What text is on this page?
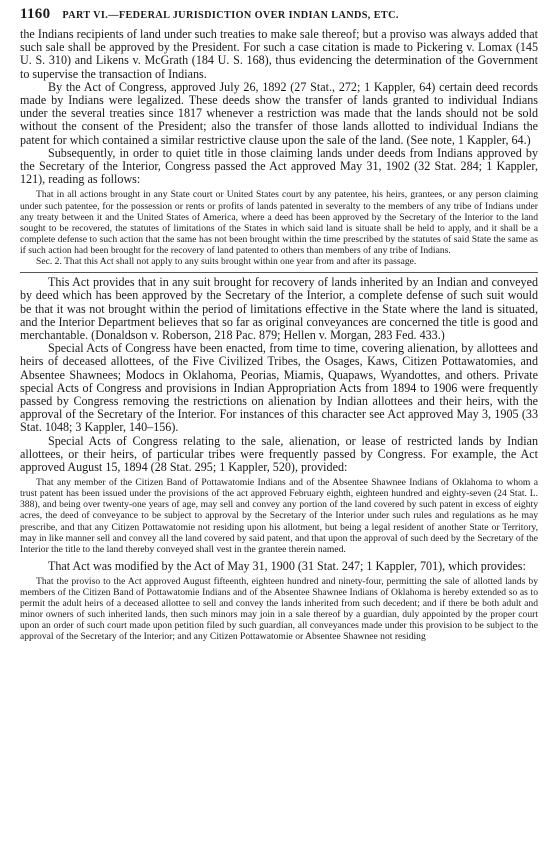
1160 PART VI.—FEDERAL JURISDICTION OVER INDIAN LANDS, ETC.

the Indians recipients of land under such treaties to make sale thereof; but a proviso was always added that such sale shall be approved by the President. For such a case citation is made to Pickering v. Lomax (145 U. S. 310) and Likens v. McGrath (184 U. S. 168), thus evidencing the determination of the Government to supervise the transaction of Indians.

By the Act of Congress, approved July 26, 1892 (27 Stat., 272; 1 Kappler, 64) certain deed records made by Indians were legalized. These deeds show the transfer of lands granted to individual Indians under the several treaties since 1817 whenever a restriction was made that the lands should not be sold without the consent of the President; also the transfer of those lands allotted to individual Indians the patent for which contained a similar restrictive clause upon the sale of the land. (See note, 1 Kappler, 64.)

Subsequently, in order to quiet title in those claiming lands under deeds from Indians approved by the Secretary of the Interior, Congress passed the Act approved May 31, 1902 (32 Stat. 284; 1 Kappler, 121), reading as follows:

That in all actions brought in any State court or United States court by any patentee, his heirs, grantees, or any person claiming under such patentee, for the possession or rents or profits of lands patented in severalty to the members of any tribe of Indians under any treaty between it and the United States of America, where a deed has been approved by the Secretary of the Interior to the land sought to be recovered, the statutes of limitations of the States in which said land is situate shall be held to apply, and it shall be a complete defense to such action that the same has not been brought within the time prescribed by the statutes of said State the same as if such action had been brought for the recovery of land patented to others than members of any tribe of Indians.

Sec. 2. That this Act shall not apply to any suits brought within one year from and after its passage.

This Act provides that in any suit brought for recovery of lands inherited by an Indian and conveyed by deed which has been approved by the Secretary of the Interior, a complete defense of such suit would be that it was not brought within the period of limitations effective in the State where the land is situated, and the Interior Department believes that so far as original conveyances are concerned the title is good and merchantable. (Donaldson v. Roberson, 218 Pac. 879; Hellen v. Morgan, 283 Fed. 433.)

Special Acts of Congress have been enacted, from time to time, covering alienation, by allottees and heirs of deceased allottees, of the Five Civilized Tribes, the Osages, Kaws, Citizen Pottawatomies, and Absentee Shawnees; Modocs in Oklahoma, Peorias, Miamis, Quapaws, Wyandottes, and others. Private special Acts of Congress and provisions in Indian Appropriation Acts from 1894 to 1906 were frequently passed by Congress removing the restrictions on alienation by Indian allottees and their heirs, with the approval of the Secretary of the Interior. For instances of this character see Act approved May 3, 1905 (33 Stat. 1048; 3 Kappler, 140–156).

Special Acts of Congress relating to the sale, alienation, or lease of restricted lands by Indian allottees, or their heirs, of particular tribes were frequently passed by Congress. For example, the Act approved August 15, 1894 (28 Stat. 295; 1 Kappler, 520), provided:

That any member of the Citizen Band of Pottawatomie Indians and of the Absentee Shawnee Indians of Oklahoma to whom a trust patent has been issued under the provisions of the act approved February eighth, eighteen hundred and eighty-seven (24 Stat. L. 388), and being over twenty-one years of age, may sell and convey any portion of the land covered by such patent in excess of eighty acres, the deed of conveyance to be subject to approval by the Secretary of the Interior under such rules and regulations as he may prescribe, and that any Citizen Pottawatomie not residing upon his allotment, but being a legal resident of another State or Territory, may in like manner sell and convey all the land covered by said patent, and that upon the approval of such deed by the Secretary of the Interior the title to the land thereby conveyed shall vest in the grantee therein named.

That Act was modified by the Act of May 31, 1900 (31 Stat. 247; 1 Kappler, 701), which provides:

That the proviso to the Act approved August fifteenth, eighteen hundred and ninety-four, permitting the sale of allotted lands by members of the Citizen Band of Pottawatomie Indians and of the Absentee Shawnee Indians of Oklahoma is hereby extended so as to permit the adult heirs of a deceased allottee to sell and convey the lands inherited from such decedent; and if there be both adult and minor owners of such inherited lands, then such minors may join in a sale thereof by a guardian, duly appointed by the proper court upon an order of such court made upon petition filed by such guardian, all conveyances made under this provision to be subject to the approval of the Secretary of the Interior; and any Citizen Pottawatomie or Absentee Shawnee not residing
